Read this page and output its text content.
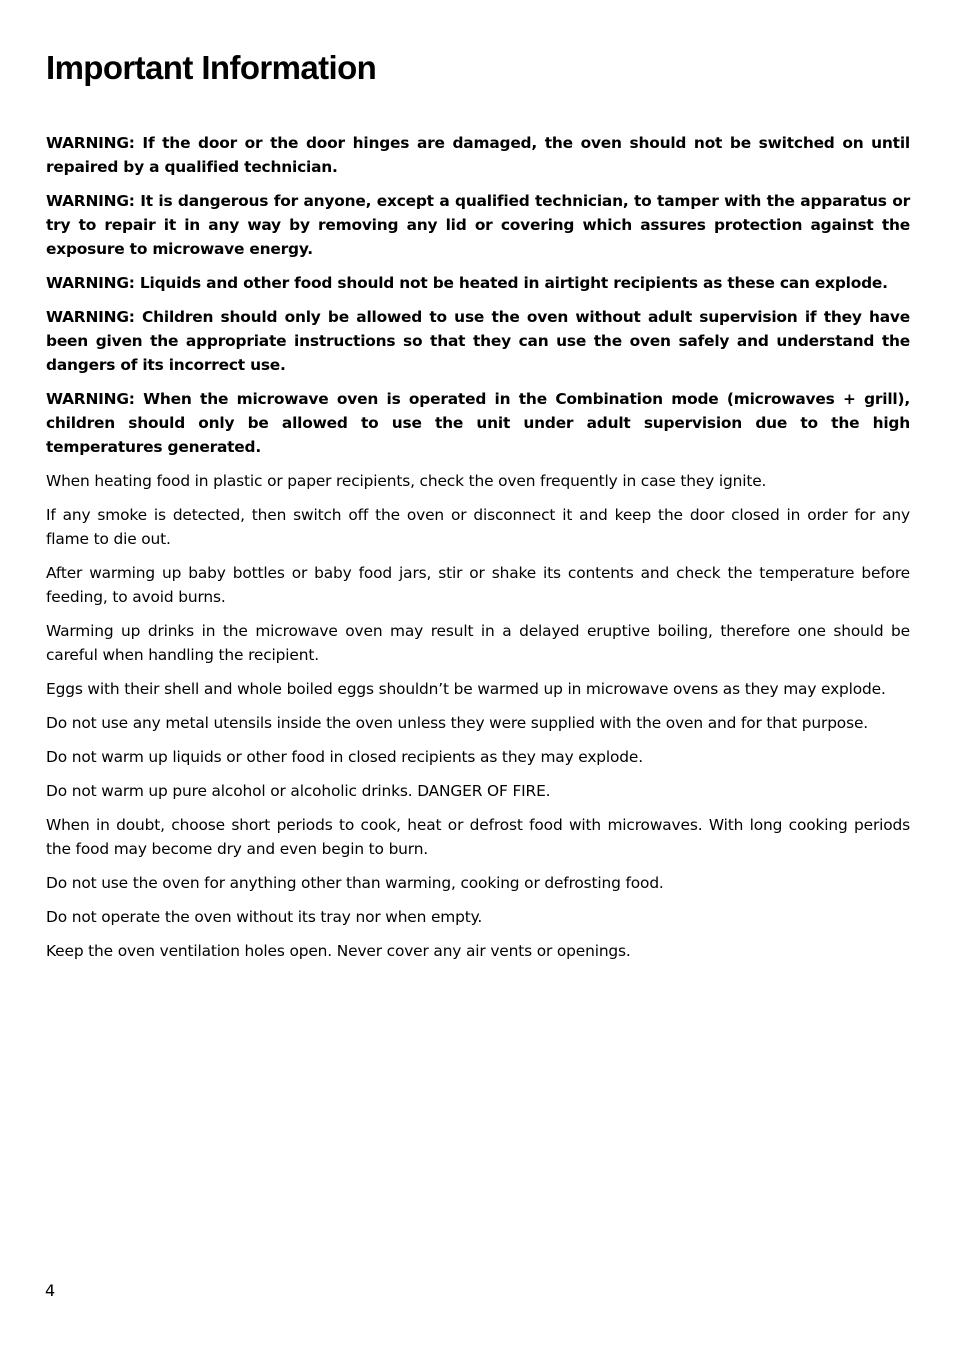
Important Information

WARNING: If the door or the door hinges are damaged, the oven should not be switched on until repaired by a qualified technician.

WARNING: It is dangerous for anyone, except a qualified technician, to tamper with the apparatus or try to repair it in any way by removing any lid or covering which assures protection against the exposure to microwave energy.

WARNING: Liquids and other food should not be heated in airtight recipients as these can explode.

WARNING: Children should only be allowed to use the oven without adult supervision if they have been given the appropriate instructions so that they can use the oven safely and understand the dangers of its incorrect use.

WARNING: When the microwave oven is operated in the Combination mode (microwaves + grill), children should only be allowed to use the unit under adult supervision due to the high temperatures generated.

When heating food in plastic or paper recipients, check the oven frequently in case they ignite.

If any smoke is detected, then switch off the oven or disconnect it and keep the door closed in order for any flame to die out.

After warming up baby bottles or baby food jars, stir or shake its contents and check the temperature before feeding, to avoid burns.

Warming up drinks in the microwave oven may result in a delayed eruptive boiling, therefore one should be careful when handling the recipient.

Eggs with their shell and whole boiled eggs shouldn’t be warmed up in microwave ovens as they may explode.

Do not use any metal utensils inside the oven unless they were supplied with the oven and for that purpose.

Do not warm up liquids or other food in closed recipients as they may explode.

Do not warm up pure alcohol or alcoholic drinks. DANGER OF FIRE.

When in doubt, choose short periods to cook, heat or defrost food with microwaves. With long cooking periods the food may become dry and even begin to burn.

Do not use the oven for anything other than warming, cooking or defrosting food.

Do not operate the oven without its tray nor when empty.

Keep the oven ventilation holes open. Never cover any air vents or openings.

4
